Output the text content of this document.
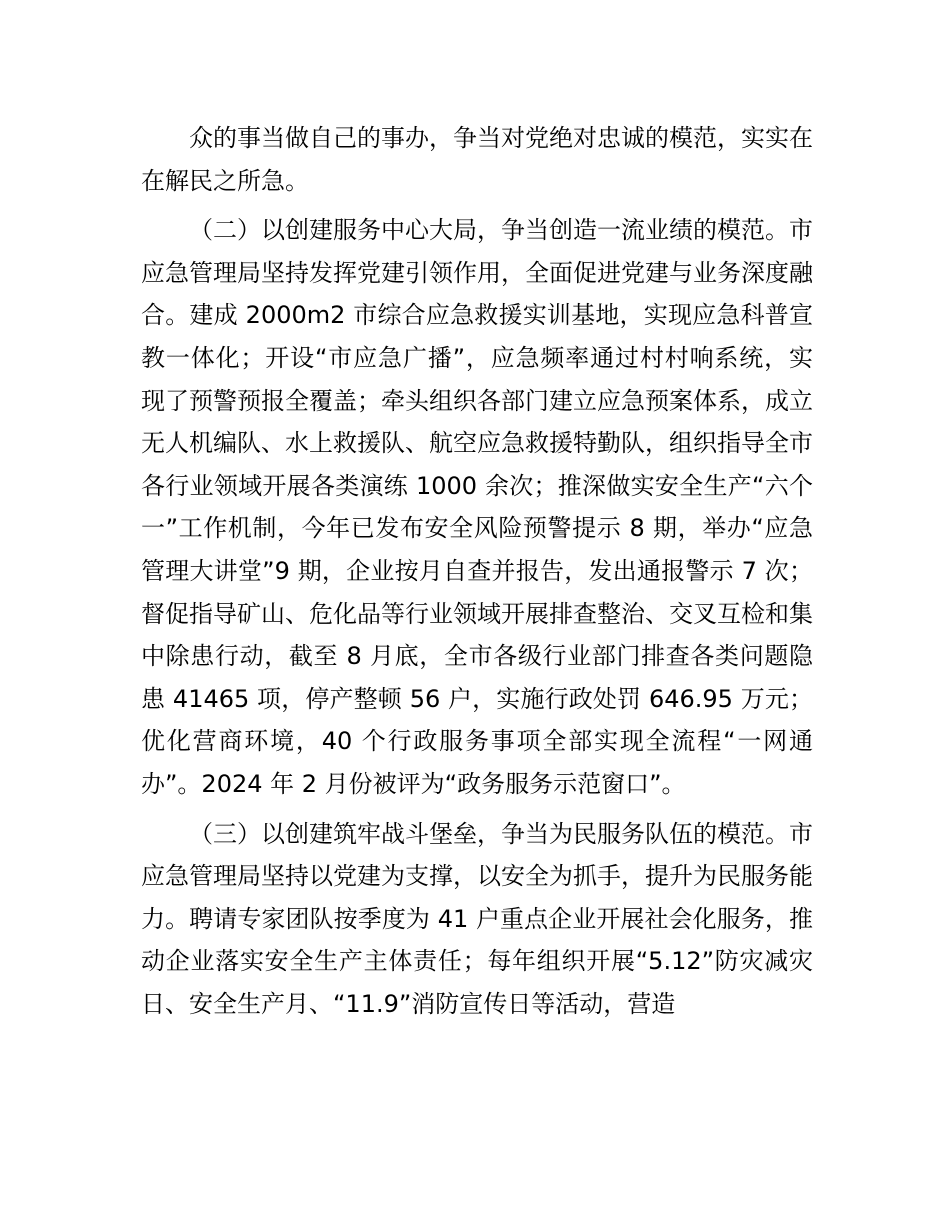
众的事当做自己的事办，争当对党绝对忠诚的模范，实实在在解民之所急。

（二）以创建服务中心大局，争当创造一流业绩的模范。市应急管理局坚持发挥党建引领作用，全面促进党建与业务深度融合。建成 2000m2 市综合应急救援实训基地，实现应急科普宣教一体化；开设“市应急广播”，应急频率通过村村响系统，实现了预警预报全覆盖；牵头组织各部门建立应急预案体系，成立无人机编队、水上救援队、航空应急救援特勤队，组织指导全市各行业领域开展各类演练 1000 余次；推深做实安全生产“六个一”工作机制，今年已发布安全风险预警提示 8 期，举办“应急管理大讲堂”9 期，企业按月自查并报告，发出通报警示 7 次；督促指导矿山、危化品等行业领域开展排查整治、交叉互检和集中除患行动，截至 8 月底，全市各级行业部门排查各类问题隐患 41465 项，停产整顿 56 户，实施行政处罚 646.95 万元；优化营商环境，40 个行政服务事项全部实现全流程“一网通办”。2024 年 2 月份被评为“政务服务示范窗口”。

（三）以创建筑牢战斗堡垒，争当为民服务队伍的模范。市应急管理局坚持以党建为支撑，以安全为抓手，提升为民服务能力。聘请专家团队按季度为 41 户重点企业开展社会化服务，推动企业落实安全生产主体责任；每年组织开展“5.12”防灾减灾日、安全生产月、“11.9”消防宣传日等活动，营造
